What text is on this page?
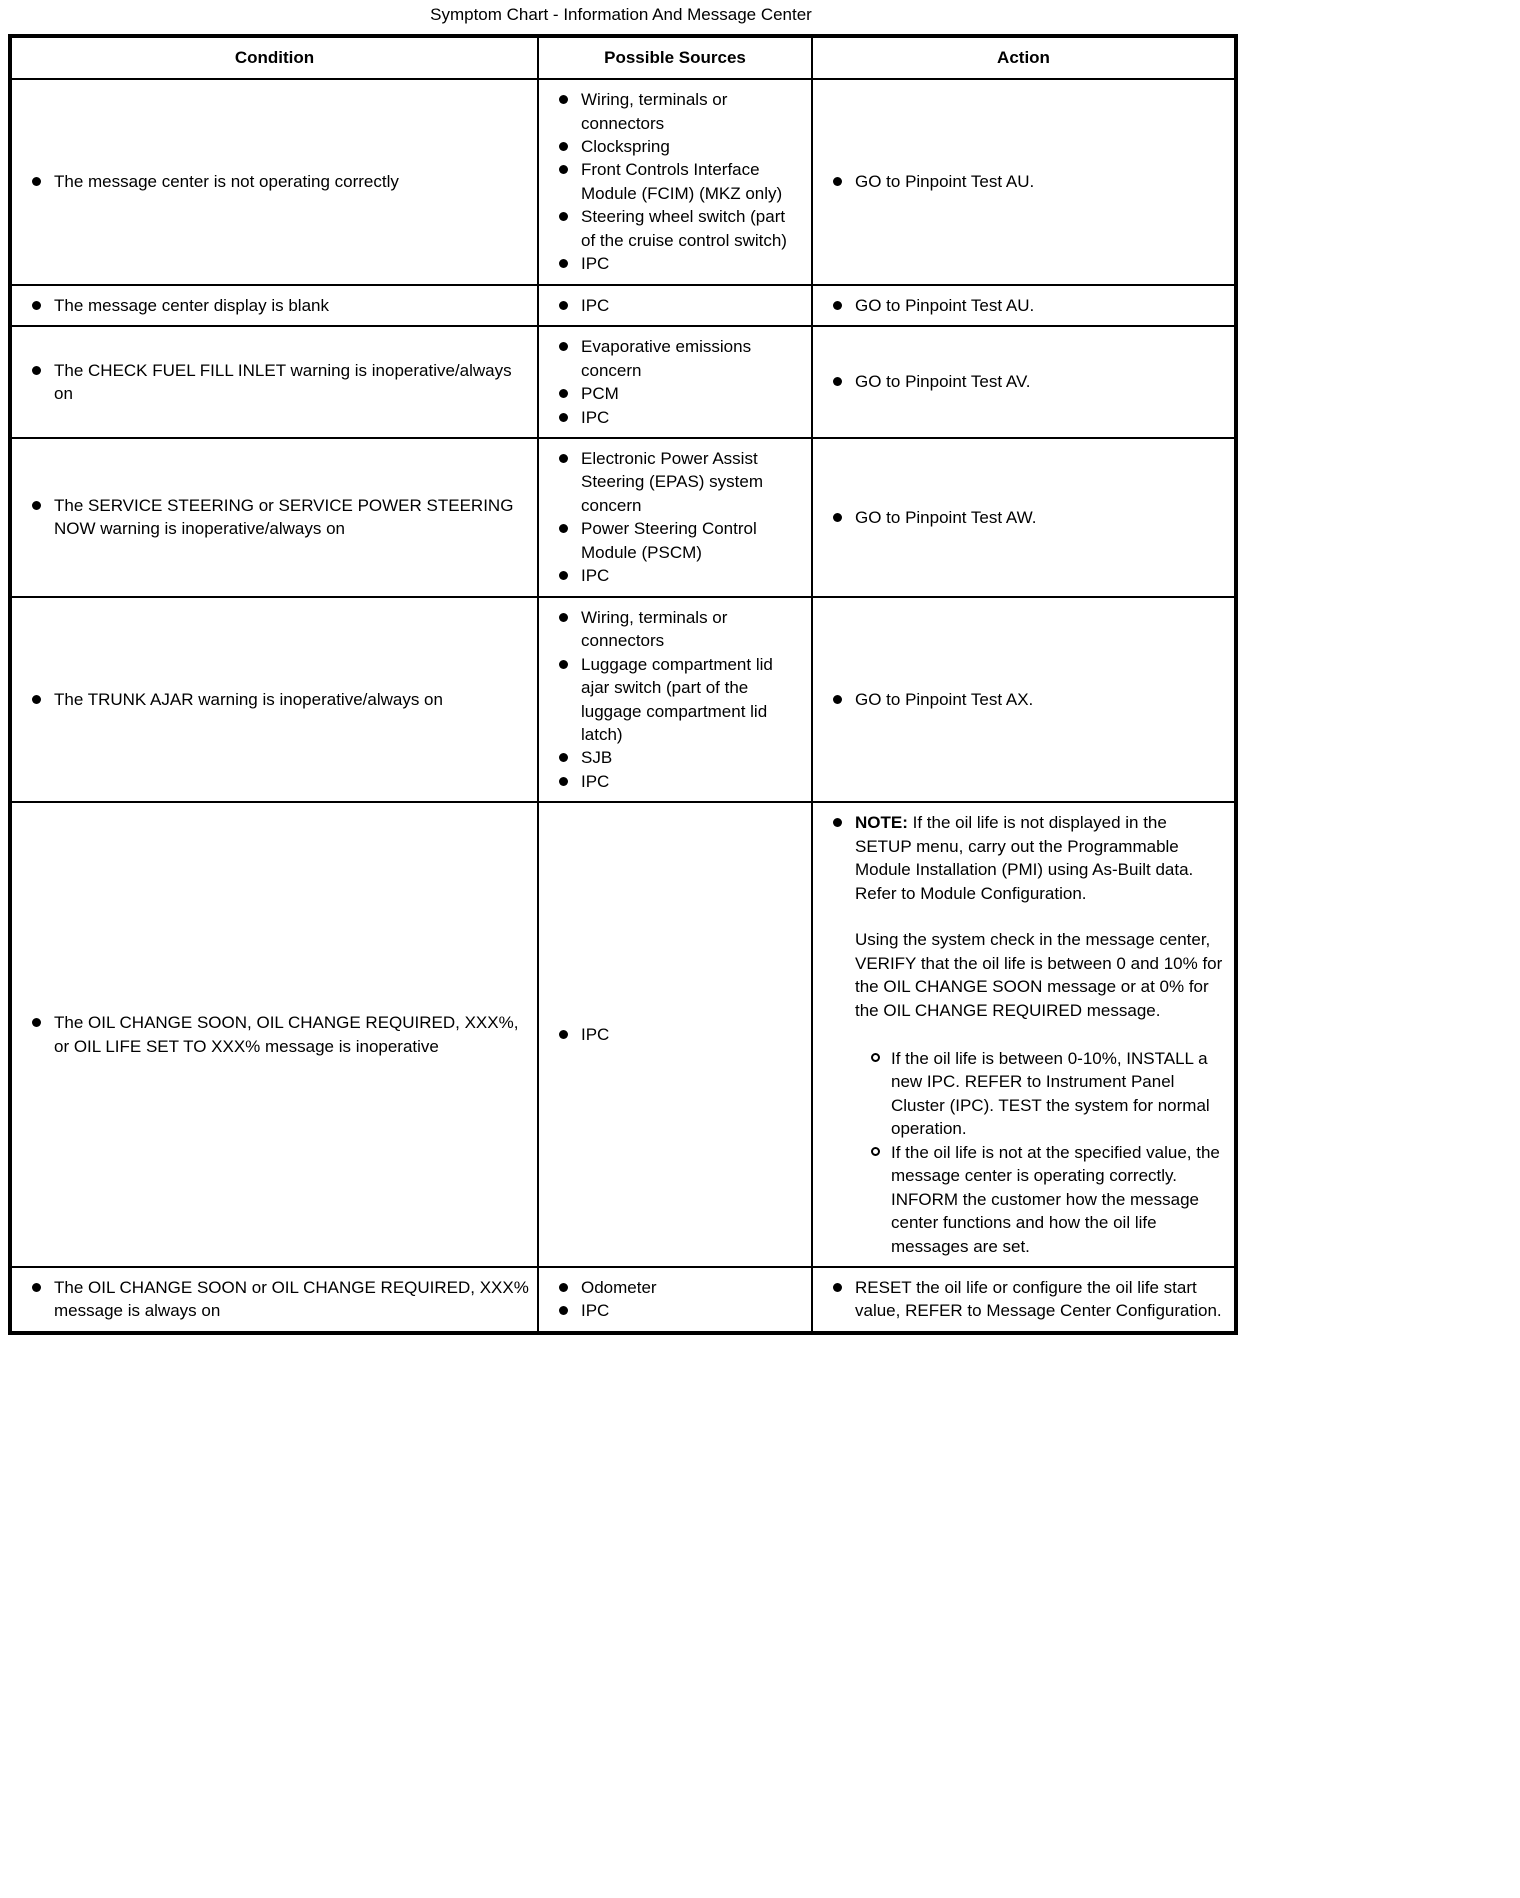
Symptom Chart - Information And Message Center
Condition	Possible Sources	Action

The message center is not operating correctly	Wiring, terminals or connectors
Clockspring
Front Controls Interface Module (FCIM) (MKZ only)
Steering wheel switch (part of the cruise control switch)
IPC	GO to Pinpoint Test AU.

The message center display is blank	IPC	GO to Pinpoint Test AU.

The CHECK FUEL FILL INLET warning is inoperative/always on	Evaporative emissions concern
PCM
IPC	GO to Pinpoint Test AV.

The SERVICE STEERING or SERVICE POWER STEERING NOW warning is inoperative/always on	Electronic Power Assist Steering (EPAS) system concern
Power Steering Control Module (PSCM)
IPC	GO to Pinpoint Test AW.

The TRUNK AJAR warning is inoperative/always on	Wiring, terminals or connectors
Luggage compartment lid ajar switch (part of the luggage compartment lid latch)
SJB
IPC	GO to Pinpoint Test AX.

The OIL CHANGE SOON, OIL CHANGE REQUIRED, XXX%, or OIL LIFE SET TO XXX% message is inoperative	IPC	NOTE: If the oil life is not displayed in the SETUP menu, carry out the Programmable Module Installation (PMI) using As-Built data. Refer to Module Configuration.
Using the system check in the message center, VERIFY that the oil life is between 0 and 10% for the OIL CHANGE SOON message or at 0% for the OIL CHANGE REQUIRED message.
If the oil life is between 0-10%, INSTALL a new IPC. REFER to Instrument Panel Cluster (IPC). TEST the system for normal operation.
If the oil life is not at the specified value, the message center is operating correctly. INFORM the customer how the message center functions and how the oil life messages are set.

The OIL CHANGE SOON or OIL CHANGE REQUIRED, XXX% message is always on	Odometer
IPC	RESET the oil life or configure the oil life start value, REFER to Message Center Configuration.
